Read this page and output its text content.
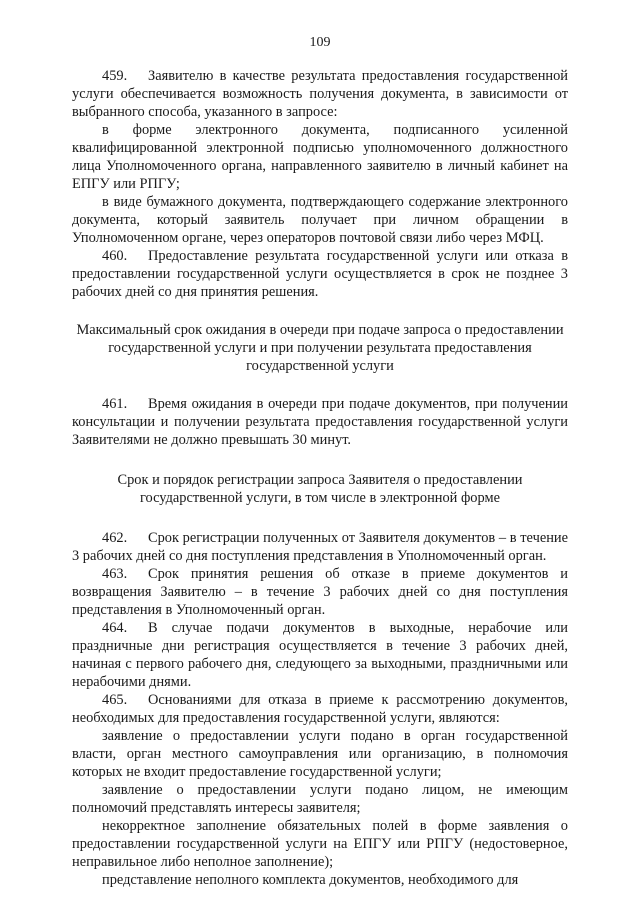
109

459. Заявителю в качестве результата предоставления государственной услуги обеспечивается возможность получения документа, в зависимости от выбранного способа, указанного в запросе:

в форме электронного документа, подписанного усиленной квалифицированной электронной подписью уполномоченного должностного лица Уполномоченного органа, направленного заявителю в личный кабинет на ЕПГУ или РПГУ;

в виде бумажного документа, подтверждающего содержание электронного документа, который заявитель получает при личном обращении в Уполномоченном органе, через операторов почтовой связи либо через МФЦ.

460. Предоставление результата государственной услуги или отказа в предоставлении государственной услуги осуществляется в срок не позднее 3 рабочих дней со дня принятия решения.

Максимальный срок ожидания в очереди при подаче запроса о предоставлении государственной услуги и при получении результата предоставления государственной услуги

461. Время ожидания в очереди при подаче документов, при получении консультации и получении результата предоставления государственной услуги Заявителями не должно превышать 30 минут.

Срок и порядок регистрации запроса Заявителя о предоставлении государственной услуги, в том числе в электронной форме

462. Срок регистрации полученных от Заявителя документов – в течение 3 рабочих дней со дня поступления представления в Уполномоченный орган.

463. Срок принятия решения об отказе в приеме документов и возвращения Заявителю – в течение 3 рабочих дней со дня поступления представления в Уполномоченный орган.

464. В случае подачи документов в выходные, нерабочие или праздничные дни регистрация осуществляется в течение 3 рабочих дней, начиная с первого рабочего дня, следующего за выходными, праздничными или нерабочими днями.

465. Основаниями для отказа в приеме к рассмотрению документов, необходимых для предоставления государственной услуги, являются:

заявление о предоставлении услуги подано в орган государственной власти, орган местного самоуправления или организацию, в полномочия которых не входит предоставление государственной услуги;

заявление о предоставлении услуги подано лицом, не имеющим полномочий представлять интересы заявителя;

некорректное заполнение обязательных полей в форме заявления о предоставлении государственной услуги на ЕПГУ или РПГУ (недостоверное, неправильное либо неполное заполнение);

представление неполного комплекта документов, необходимого для
